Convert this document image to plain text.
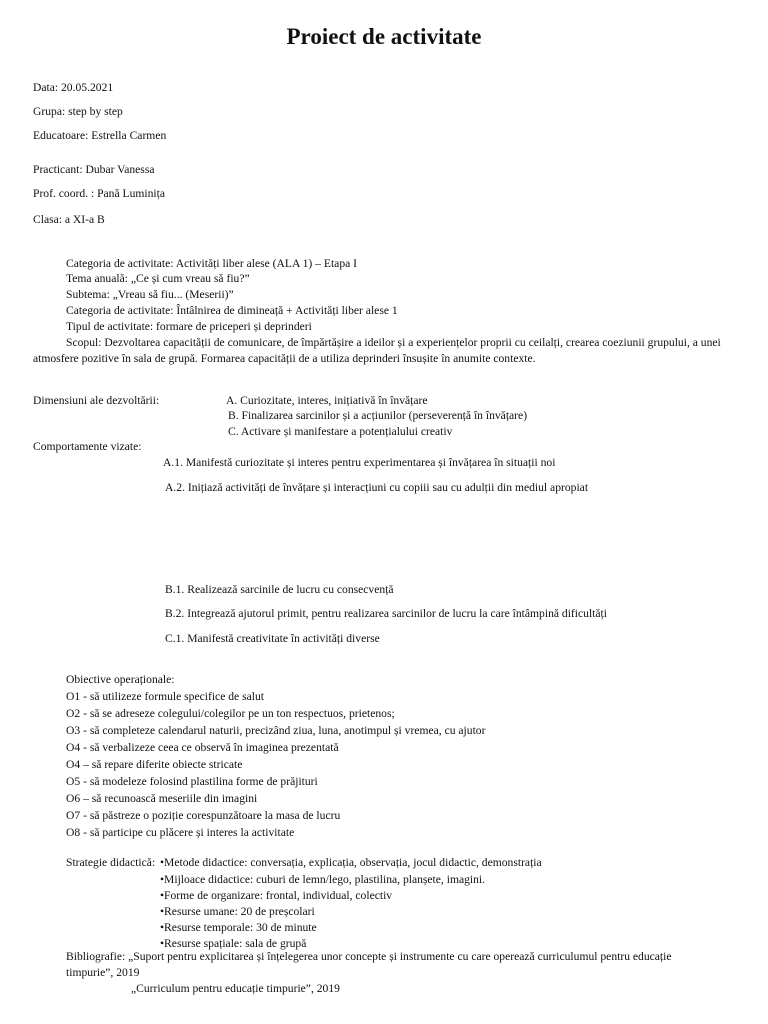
Proiect de activitate
Data: 20.05.2021
Grupa: step by step
Educatoare: Estrella Carmen
Practicant: Dubar Vanessa
Prof. coord. : Pană Luminița
Clasa: a XI-a B
Categoria de activitate: Activități liber alese (ALA 1) – Etapa I
Tema anuală: „Ce și cum vreau să fiu?”
Subtema: „Vreau să fiu... (Meserii)”
Categoria de activitate: Întâlnirea de dimineață + Activități liber alese 1
Tipul de activitate: formare de priceperi și deprinderi
Scopul: Dezvoltarea capacității de comunicare, de împărtășire a ideilor și a experiențelor proprii cu ceilalți, crearea coeziunii grupului, a unei atmosfere pozitive în sala de grupă. Formarea capacității de a utiliza deprinderi însușite în anumite contexte.
Dimensiuni ale dezvoltării:	A. Curiozitate, interes, inițiativă în învățare
B. Finalizarea sarcinilor și a acțiunilor (perseverență în învățare)
C. Activare și manifestare a potențialului creativ
Comportamente vizate:
A.1. Manifestă curiozitate și interes pentru experimentarea și învățarea în situații noi
A.2. Inițiază activități de învățare și interacțiuni cu copiii sau cu adulții din mediul apropiat
B.1. Realizează sarcinile de lucru cu consecvență
B.2. Integrează ajutorul primit, pentru realizarea sarcinilor de lucru la care întâmpină dificultăți
C.1. Manifestă creativitate în activități diverse
Obiective operaționale:
O1 - să utilizeze formule specifice de salut
O2 - să se adreseze colegului/colegilor pe un ton respectuos, prietenos;
O3 - să completeze calendarul naturii, precizând ziua, luna, anotimpul și vremea, cu ajutor
O4 - să verbalizeze ceea ce observă în imaginea prezentată
O4 – să repare diferite obiecte stricate
O5 - să modeleze folosind plastilina forme de prăjituri
O6 – să recunoască meseriile din imagini
O7 - să păstreze o poziție corespunzătoare la masa de lucru
O8 - să participe cu plăcere și interes la activitate
Strategie didactică: •Metode didactice: conversația, explicația, observația, jocul didactic, demonstrația
•Mijloace didactice: cuburi de lemn/lego, plastilina, planșete, imagini.
•Forme de organizare: frontal, individual, colectiv
•Resurse umane: 20 de preșcolari
•Resurse temporale: 30 de minute
•Resurse spațiale: sala de grupă
Bibliografie: „Suport pentru explicitarea și înțelegerea unor concepte și instrumente cu care operează curriculumul pentru educație timpurie”, 2019
„Curriculum pentru educație timpurie”, 2019
